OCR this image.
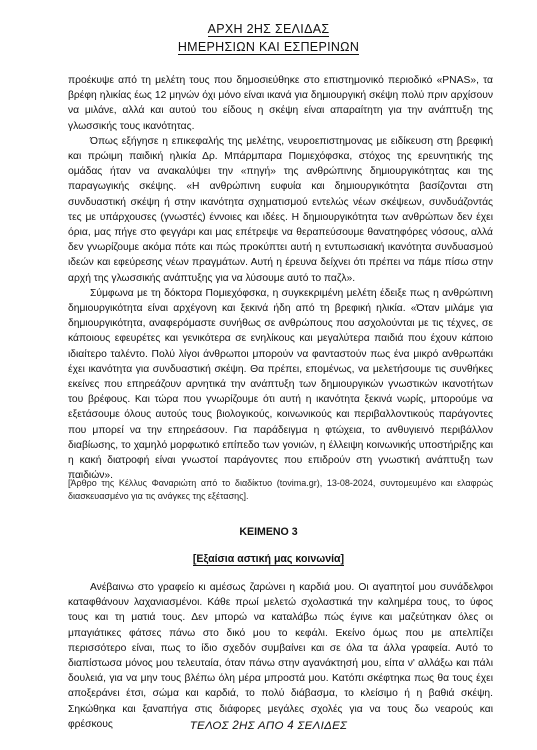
ΑΡΧΗ 2ΗΣ ΣΕΛΙΔΑΣ
ΗΜΕΡΗΣΙΩΝ ΚΑΙ ΕΣΠΕΡΙΝΩΝ

προέκυψε από τη μελέτη τους που δημοσιεύθηκε στο επιστημονικό περιοδικό «PNAS», τα βρέφη ηλικίας έως 12 μηνών όχι μόνο είναι ικανά για δημιουργική σκέψη πολύ πριν αρχίσουν να μιλάνε, αλλά και αυτού του είδους η σκέψη είναι απαραίτητη για την ανάπτυξη της γλωσσικής τους ικανότητας.

Όπως εξήγησε η επικεφαλής της μελέτης, νευροεπιστημονας με ειδίκευση στη βρεφική και πρώιμη παιδική ηλικία Δρ. Μπάρμπαρα Πομιεχόφσκα, στόχος της ερευνητικής της ομάδας ήταν να ανακαλύψει την «πηγή» της ανθρώπινης δημιουργικότητας και της παραγωγικής σκέψης. «Η ανθρώπινη ευφυία και δημιουργικότητα βασίζονται στη συνδυαστική σκέψη ή στην ικανότητα σχηματισμού εντελώς νέων σκέψεων, συνδυάζοντάς τες με υπάρχουσες (γνωστές) έννοιες και ιδέες. Η δημιουργικότητα των ανθρώπων δεν έχει όρια, μας πήγε στο φεγγάρι και μας επέτρεψε να θεραπεύσουμε θανατηφόρες νόσους, αλλά δεν γνωρίζουμε ακόμα πότε και πώς προκύπτει αυτή η εντυπωσιακή ικανότητα συνδυασμού ιδεών και εφεύρεσης νέων πραγμάτων. Αυτή η έρευνα δείχνει ότι πρέπει να πάμε πίσω στην αρχή της γλωσσικής ανάπτυξης για να λύσουμε αυτό το παζλ».

Σύμφωνα με τη δόκτορα Πομιεχόφσκα, η συγκεκριμένη μελέτη έδειξε πως η ανθρώπινη δημιουργικότητα είναι αρχέγονη και ξεκινά ήδη από τη βρεφική ηλικία. «Όταν μιλάμε για δημιουργικότητα, αναφερόμαστε συνήθως σε ανθρώπους που ασχολούνται με τις τέχνες, σε κάποιους εφευρέτες και γενικότερα σε ενηλίκους και μεγαλύτερα παιδιά που έχουν κάποιο ιδιαίτερο ταλέντο. Πολύ λίγοι άνθρωποι μπορούν να φανταστούν πως ένα μικρό ανθρωπάκι έχει ικανότητα για συνδυαστική σκέψη. Θα πρέπει, επομένως, να μελετήσουμε τις συνθήκες εκείνες που επηρεάζουν αρνητικά την ανάπτυξη των δημιουργικών γνωστικών ικανοτήτων του βρέφους. Και τώρα που γνωρίζουμε ότι αυτή η ικανότητα ξεκινά νωρίς, μπορούμε να εξετάσουμε όλους αυτούς τους βιολογικούς, κοινωνικούς και περιβαλλοντικούς παράγοντες που μπορεί να την επηρεάσουν. Για παράδειγμα η φτώχεια, το ανθυγιεινό περιβάλλον διαβίωσης, το χαμηλό μορφωτικό επίπεδο των γονιών, η έλλειψη κοινωνικής υποστήριξης και η κακή διατροφή είναι γνωστοί παράγοντες που επιδρούν στη γνωστική ανάπτυξη των παιδιών».

[Άρθρο της Κέλλυς Φαναριώτη από το διαδίκτυο (tovima.gr), 13-08-2024, συντομευμένο και ελαφρώς διασκευασμένο για τις ανάγκες της εξέτασης].
ΚΕΙΜΕΝΟ 3
[Εξαίσια αστική μας κοινωνία]

Ανέβαινω στο γραφείο κι αμέσως ζαρώνει η καρδιά μου. Οι αγαπητοί μου συνάδελφοι καταφθάνουν λαχανιασμένοι. Κάθε πρωί μελετώ σχολαστικά την καλημέρα τους, το ύφος τους και τη ματιά τους. Δεν μπορώ να καταλάβω πώς έγινε και μαζεύτηκαν όλες οι μπαγιάτικες φάτσες πάνω στο δικό μου το κεφάλι. Εκείνο όμως που με απελπίζει περισσότερο είναι, πως το ίδιο σχεδόν συμβαίνει και σε όλα τα άλλα γραφεία. Αυτό το διαπίστωσα μόνος μου τελευταία, όταν πάνω στην αγανάκτησή μου, είπα ν' αλλάξω και πάλι δουλειά, για να μην τους βλέπω όλη μέρα μπροστά μου. Κατόπι σκέφτηκα πως θα τους έχει αποξεράνει έτσι, σώμα και καρδιά, το πολύ διάβασμα, το κλείσιμο ή η βαθιά σκέψη. Σηκώθηκα και ξαναπήγα στις διάφορες μεγάλες σχολές για να τους δω νεαρούς και φρέσκους	ΤΕΛΟΣ 2ΗΣ ΑΠΟ 4 ΣΕΛΙΔΕΣ
